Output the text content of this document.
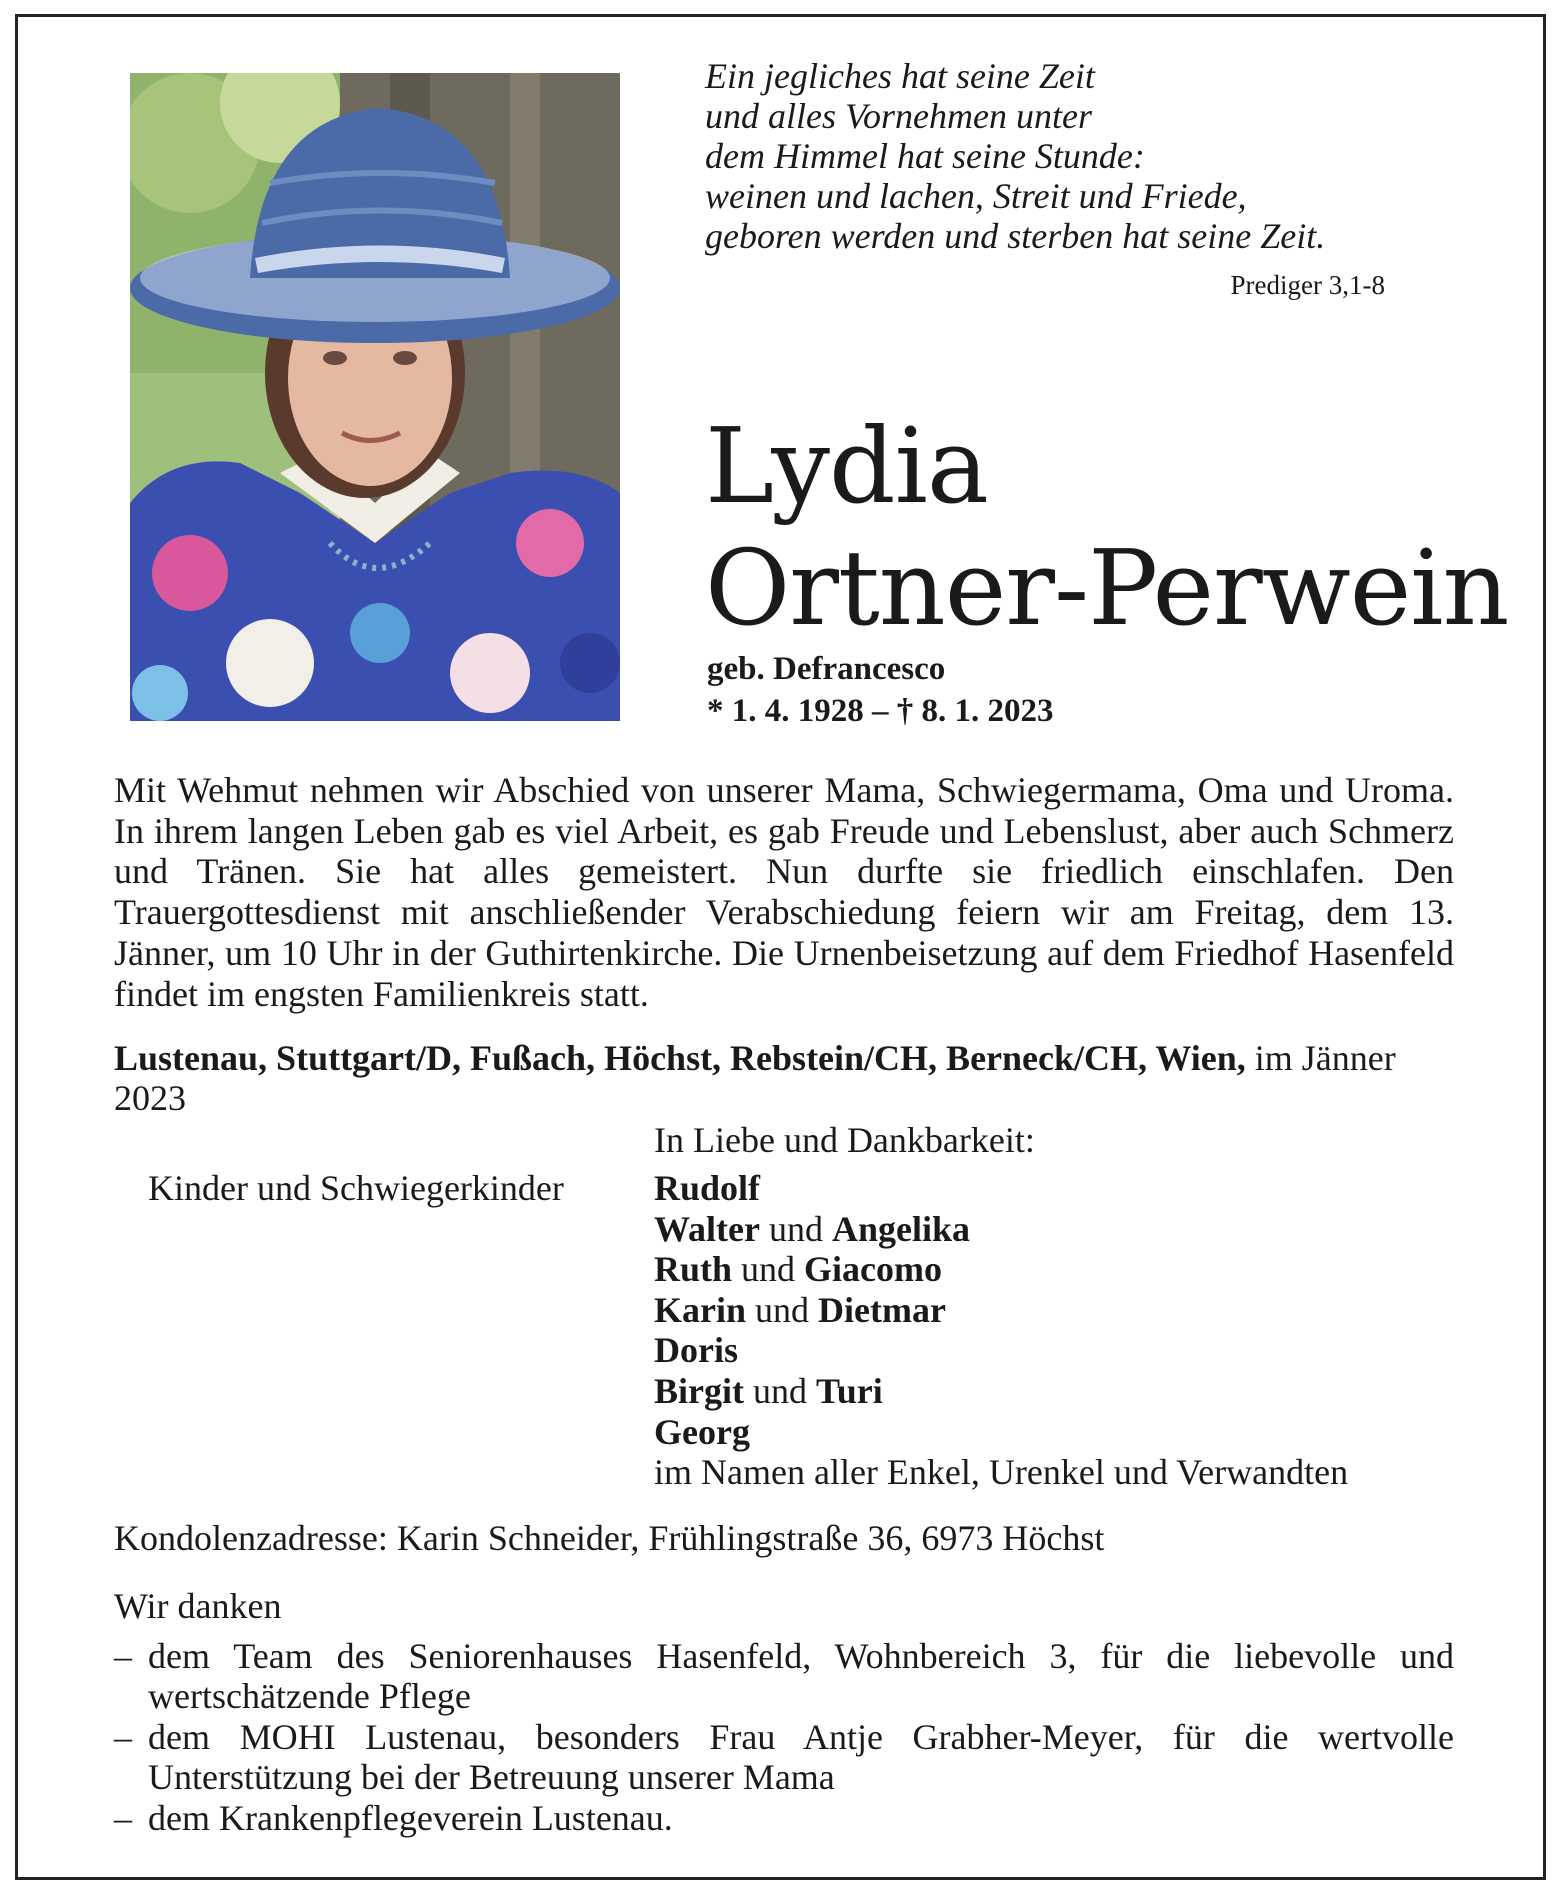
Ein jegliches hat seine Zeit
und alles Vornehmen unter
dem Himmel hat seine Stunde:
weinen und lachen, Streit und Friede,
geboren werden und sterben hat seine Zeit.
Prediger 3,1-8
Lydia
Ortner-Perwein
geb. Defrancesco
* 1. 4. 1928 – † 8. 1. 2023
Mit Wehmut nehmen wir Abschied von unserer Mama, Schwiegermama, Oma und Uroma. In ihrem langen Leben gab es viel Arbeit, es gab Freude und Lebenslust, aber auch Schmerz und Tränen. Sie hat alles gemeistert. Nun durfte sie friedlich einschlafen. Den Trauergottesdienst mit anschließender Verabschiedung feiern wir am Freitag, dem 13. Jänner, um 10 Uhr in der Guthirtenkirche. Die Urnenbeisetzung auf dem Friedhof Hasenfeld findet im engsten Familienkreis statt.
Lustenau, Stuttgart/D, Fußach, Höchst, Rebstein/CH, Berneck/CH, Wien, im Jänner 2023
In Liebe und Dankbarkeit:
Kinder und Schwiegerkinder	Rudolf
Walter und Angelika
Ruth und Giacomo
Karin und Dietmar
Doris
Birgit und Turi
Georg
im Namen aller Enkel, Urenkel und Verwandten
Kondolenzadresse: Karin Schneider, Frühlingstraße 36, 6973 Höchst
Wir danken
– dem Team des Seniorenhauses Hasenfeld, Wohnbereich 3, für die liebevolle und wertschätzende Pflege
– dem MOHI Lustenau, besonders Frau Antje Grabher-Meyer, für die wertvolle Unterstützung bei der Betreuung unserer Mama
– dem Krankenpflegeverein Lustenau.
